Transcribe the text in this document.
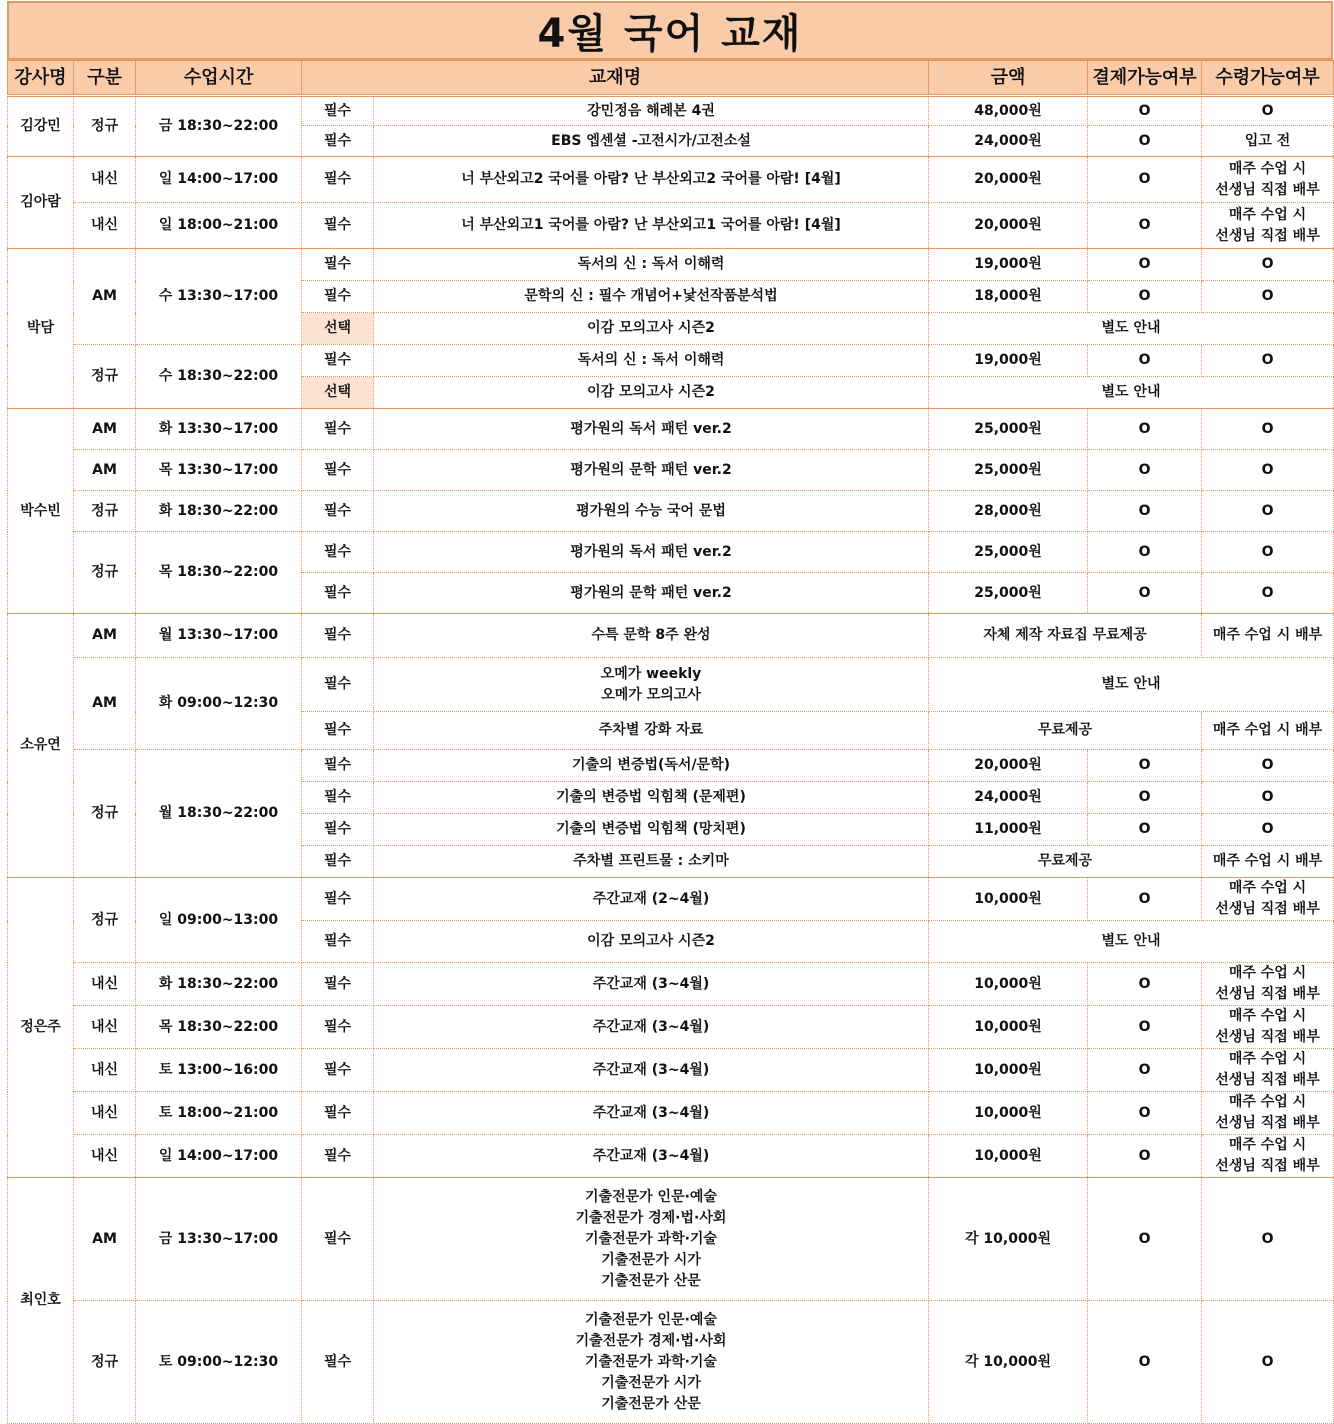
4월 국어 교재
강사명	구분	수업시간	교재명		금액	결제가능여부	수령가능여부
김강민	정규	금 18:30~22:00	필수	강민정음 해례본 4권	48,000원	O	O
			필수	EBS 엡센셜 -고전시가/고전소설	24,000원	O	입고 전
김아람	내신	일 14:00~17:00	필수	너 부산외고2 국어를 아람? 난 부산외고2 국어를 아람! [4월]	20,000원	O	매주 수업 시
선생님 직접 배부
	내신	일 18:00~21:00	필수	너 부산외고1 국어를 아람? 난 부산외고1 국어를 아람! [4월]	20,000원	O	매주 수업 시
선생님 직접 배부
박담	AM	수 13:30~17:00	필수	독서의 신 : 독서 이해력	19,000원	O	O
			필수	문학의 신 : 필수 개념어+낯선작품분석법	18,000원	O	O
			선택	이감 모의고사 시즌2	별도 안내		
	정규	수 18:30~22:00	필수	독서의 신 : 독서 이해력	19,000원	O	O
			선택	이감 모의고사 시즌2	별도 안내		
박수빈	AM	화 13:30~17:00	필수	평가원의 독서 패턴 ver.2	25,000원	O	O
	AM	목 13:30~17:00	필수	평가원의 문학 패턴 ver.2	25,000원	O	O
	정규	화 18:30~22:00	필수	평가원의 수능 국어 문법	28,000원	O	O
	정규	목 18:30~22:00	필수	평가원의 독서 패턴 ver.2	25,000원	O	O
			필수	평가원의 문학 패턴 ver.2	25,000원	O	O
소유연	AM	월 13:30~17:00	필수	수특 문학 8주 완성	자체 제작 자료집 무료제공		매주 수업 시 배부
	AM	화 09:00~12:30	필수	오메가 weekly
오메가 모의고사	별도 안내		
			필수	주차별 강화 자료	무료제공		매주 수업 시 배부
	정규	월 18:30~22:00	필수	기출의 변증법(독서/문학)	20,000원	O	O
			필수	기출의 변증법 익힘책 (문제편)	24,000원	O	O
			필수	기출의 변증법 익힘책 (망치편)	11,000원	O	O
			필수	주차별 프린트물 : 소키마	무료제공		매주 수업 시 배부
정은주	정규	일 09:00~13:00	필수	주간교재 (2~4월)	10,000원	O	매주 수업 시
선생님 직접 배부
			필수	이감 모의고사 시즌2	별도 안내		
	내신	화 18:30~22:00	필수	주간교재 (3~4월)	10,000원	O	매주 수업 시
선생님 직접 배부
	내신	목 18:30~22:00	필수	주간교재 (3~4월)	10,000원	O	매주 수업 시
선생님 직접 배부
	내신	토 13:00~16:00	필수	주간교재 (3~4월)	10,000원	O	매주 수업 시
선생님 직접 배부
	내신	토 18:00~21:00	필수	주간교재 (3~4월)	10,000원	O	매주 수업 시
선생님 직접 배부
	내신	일 14:00~17:00	필수	주간교재 (3~4월)	10,000원	O	매주 수업 시
선생님 직접 배부
최인호	AM	금 13:30~17:00	필수	기출전문가 인문·예술
기출전문가 경제·법·사회
기출전문가 과학·기술
기출전문가 시가
기출전문가 산문	각 10,000원	O	O
	정규	토 09:00~12:30	필수	기출전문가 인문·예술
기출전문가 경제·법·사회
기출전문가 과학·기술
기출전문가 시가
기출전문가 산문	각 10,000원	O	O
